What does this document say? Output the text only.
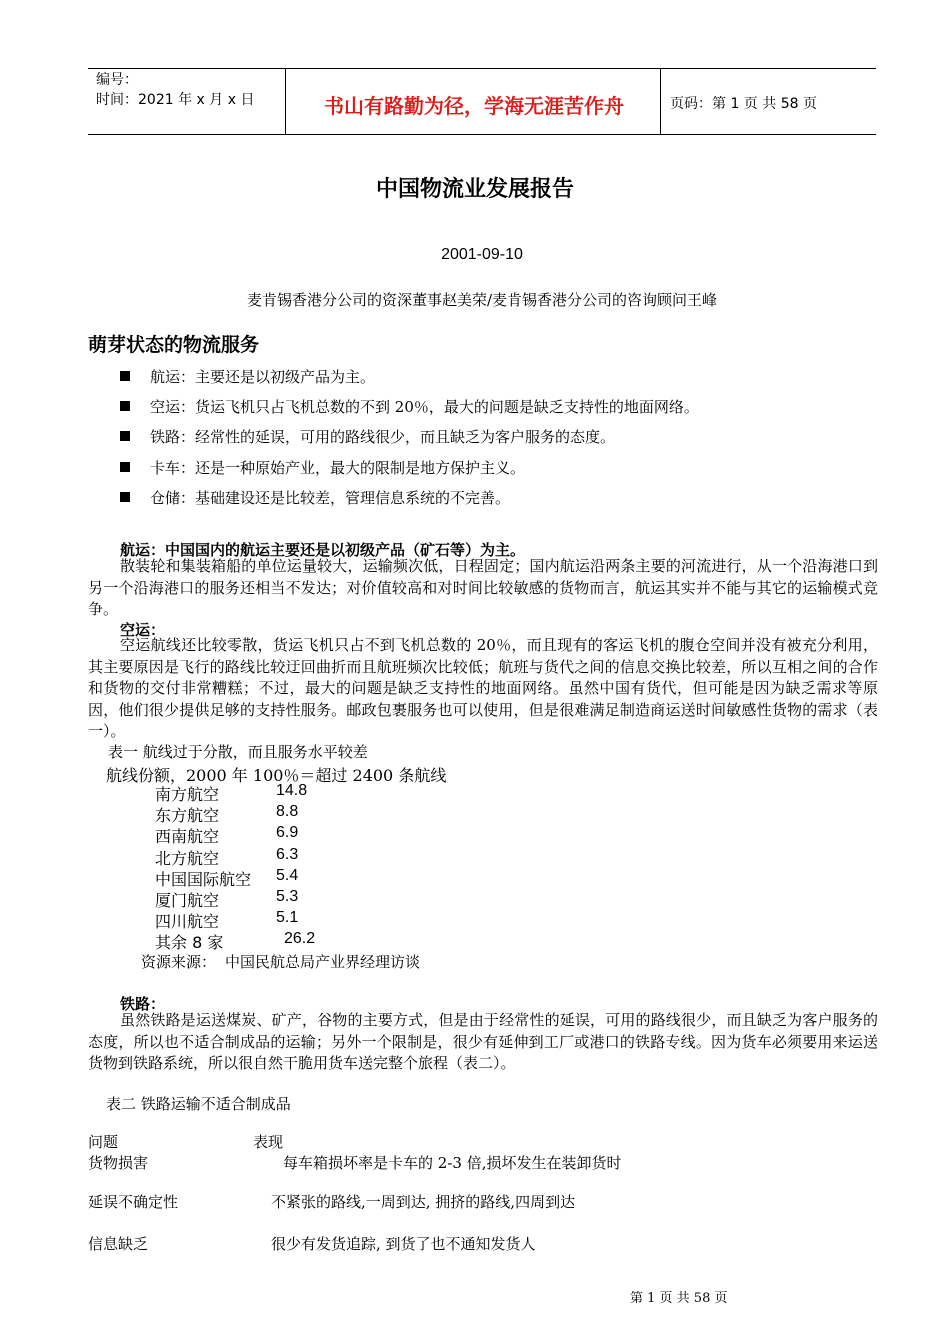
编号：
时间：2021 年 x 月 x 日	书山有路勤为径，学海无涯苦作舟	页码：第 1 页 共 58 页
中国物流业发展报告
2001-09-10
麦肯锡香港分公司的资深董事赵美荣/麦肯锡香港分公司的咨询顾问王峰
萌芽状态的物流服务
航运：主要还是以初级产品为主。
空运：货运飞机只占飞机总数的不到 20％，最大的问题是缺乏支持性的地面网络。
铁路：经常性的延误，可用的路线很少，而且缺乏为客户服务的态度。
卡车：还是一种原始产业，最大的限制是地方保护主义。
仓储：基础建设还是比较差，管理信息系统的不完善。
航运：中国国内的航运主要还是以初级产品（矿石等）为主。

散装轮和集装箱船的单位运量较大，运输频次低，日程固定；国内航运沿两条主要的河流进行，从一个沿海港口到另一个沿海港口的服务还相当不发达；对价值较高和对时间比较敏感的货物而言，航运其实并不能与其它的运输模式竞争。

空运：

空运航线还比较零散，货运飞机只占不到飞机总数的 20％，而且现有的客运飞机的腹仓空间并没有被充分利用，其主要原因是飞行的路线比较迂回曲折而且航班频次比较低；航班与货代之间的信息交换比较差，所以互相之间的合作和货物的交付非常糟糕；不过，最大的问题是缺乏支持性的地面网络。虽然中国有货代，但可能是因为缺乏需求等原因，他们很少提供足够的支持性服务。邮政包裹服务也可以使用，但是很难满足制造商运送时间敏感性货物的需求（表一）。

表一 航线过于分散，而且服务水平较差
航线份额，2000 年 100％＝超过 2400 条航线
南方航空	14.8
东方航空	8.8
西南航空	6.9
北方航空	6.3
中国国际航空 5.4
厦门航空	5.3
四川航空	5.1
其余 8 家	26.2
资源来源： 中国民航总局产业界经理访谈
铁路：

虽然铁路是运送煤炭、矿产，谷物的主要方式，但是由于经常性的延误，可用的路线很少，而且缺乏为客户服务的态度，所以也不适合制成品的运输；另外一个限制是，很少有延伸到工厂或港口的铁路专线。因为货车必须要用来运送货物到铁路系统，所以很自然干脆用货车送完整个旅程（表二）。

表二 铁路运输不适合制成品
问题	表现
货物损害	每车箱损坏率是卡车的 2-3 倍,损坏发生在装卸货时
延误不确定性	不紧张的路线,一周到达, 拥挤的路线,四周到达
信息缺乏	很少有发货追踪, 到货了也不通知发货人
第 1 页 共 58 页
